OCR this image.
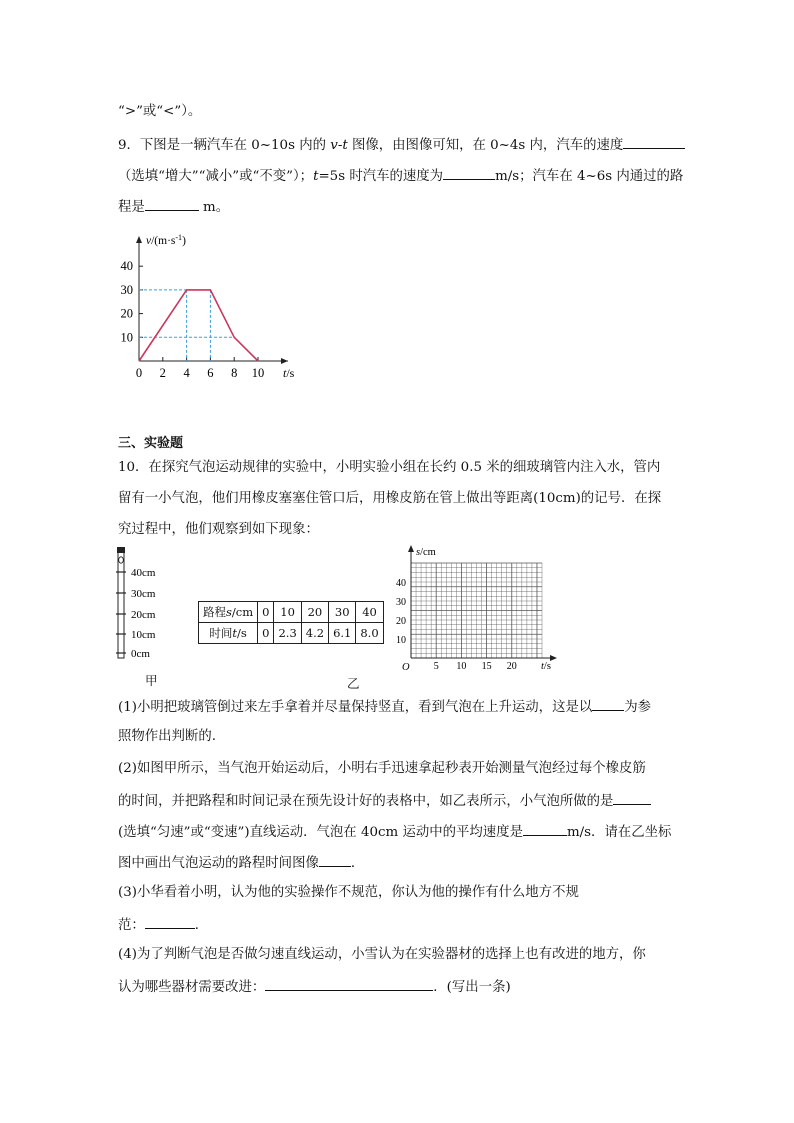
“>”或“<”）。
9．下图是一辆汽车在 0~10s 内的 v-t 图像，由图像可知，在 0~4s 内，汽车的速度
（选填“增大”“减小”或“不变”）；t=5s 时汽车的速度为	m/s；汽车在 4~6s 内通过的路
程是	m。
$v/(m\cdot s^{-1})$
t/s
40
30
20
10
0 2 4 6 8 10
s/cm
t/s
O
40
30
20
10
5 10 15 20
40cm
30cm
20cm
10cm
0cm
三、实验题
10．在探究气泡运动规律的实验中，小明实验小组在长约 0.5 米的细玻璃管内注入水，管内
留有一小气泡，他们用橡皮塞塞住管口后，用橡皮筋在管上做出等距离(10cm)的记号．在探
究过程中，他们观察到如下现象：
路程s/cm	0	10	20	30	40
时间t/s	0	2.3	4.2	6.1	8.0
甲	乙
(1)小明把玻璃管倒过来左手拿着并尽量保持竖直，看到气泡在上升运动，这是以 为参
照物作出判断的.
(2)如图甲所示，当气泡开始运动后，小明右手迅速拿起秒表开始测量气泡经过每个橡皮筋
的时间，并把路程和时间记录在预先设计好的表格中，如乙表所示，小气泡所做的是
(选填“匀速”或“变速”)直线运动．气泡在 40cm 运动中的平均速度是	m/s．请在乙坐标
图中画出气泡运动的路程时间图像 ．
(3)小华看着小明，认为他的实验操作不规范，你认为他的操作有什么地方不规
范：	．
(4)为了判断气泡是否做匀速直线运动，小雪认为在实验器材的选择上也有改进的地方，你
认为哪些器材需要改进：	．(写出一条)
